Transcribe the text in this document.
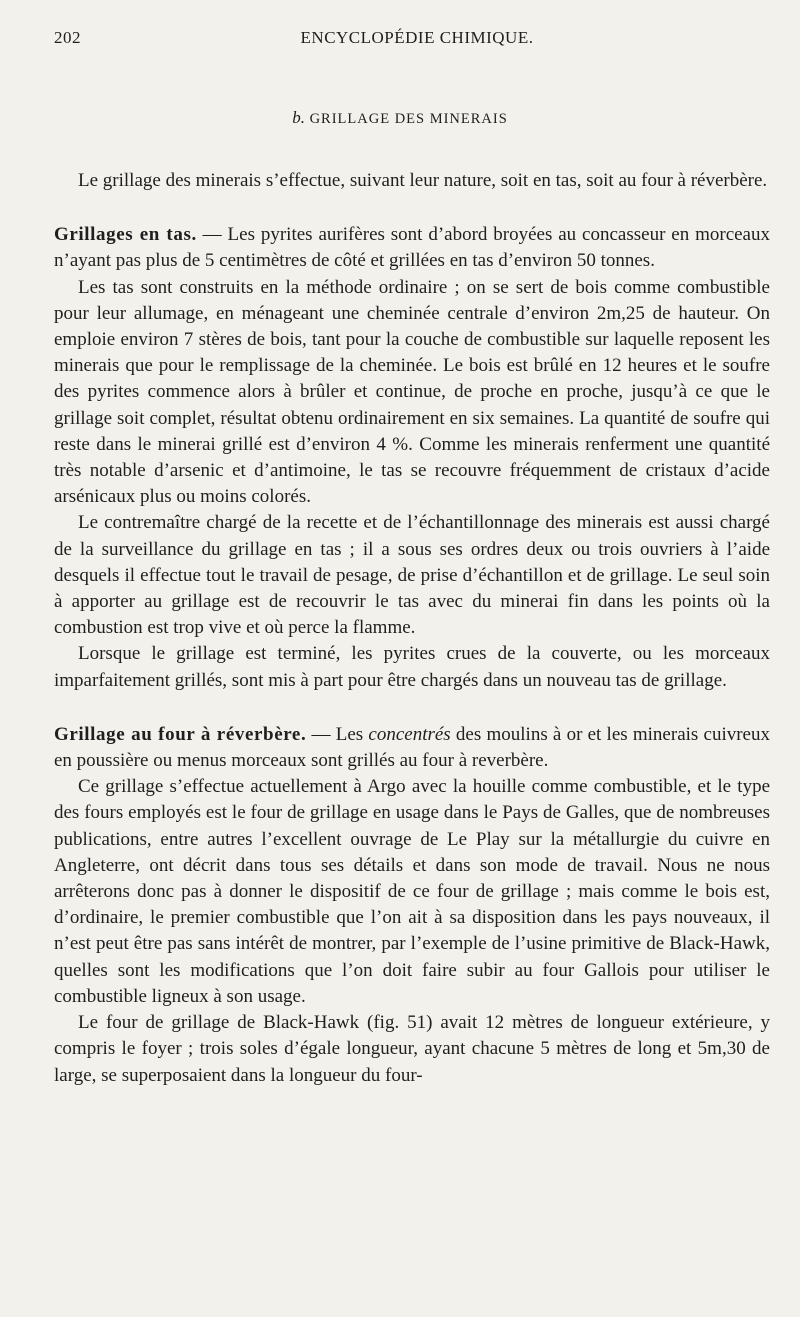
202	ENCYCLOPÉDIE CHIMIQUE.
b. GRILLAGE DES MINERAIS

Le grillage des minerais s’effectue, suivant leur nature, soit en tas, soit au four à réverbère.

Grillages en tas. — Les pyrites aurifères sont d’abord broyées au concasseur en morceaux n’ayant pas plus de 5 centimètres de côté et grillées en tas d’environ 50 tonnes.

Les tas sont construits en la méthode ordinaire ; on se sert de bois comme combustible pour leur allumage, en ménageant une cheminée centrale d’environ 2m,25 de hauteur. On emploie environ 7 stères de bois, tant pour la couche de combustible sur laquelle reposent les minerais que pour le remplissage de la cheminée. Le bois est brûlé en 12 heures et le soufre des pyrites commence alors à brûler et continue, de proche en proche, jusqu’à ce que le grillage soit complet, résultat obtenu ordinairement en six semaines. La quantité de soufre qui reste dans le minerai grillé est d’environ 4 %. Comme les minerais renferment une quantité très notable d’arsenic et d’antimoine, le tas se recouvre fréquemment de cristaux d’acide arsénicaux plus ou moins colorés.

Le contremaître chargé de la recette et de l’échantillonnage des minerais est aussi chargé de la surveillance du grillage en tas ; il a sous ses ordres deux ou trois ouvriers à l’aide desquels il effectue tout le travail de pesage, de prise d’échantillon et de grillage. Le seul soin à apporter au grillage est de recouvrir le tas avec du minerai fin dans les points où la combustion est trop vive et où perce la flamme.

Lorsque le grillage est terminé, les pyrites crues de la couverte, ou les morceaux imparfaitement grillés, sont mis à part pour être chargés dans un nouveau tas de grillage.

Grillage au four à réverbère. — Les concentrés des moulins à or et les minerais cuivreux en poussière ou menus morceaux sont grillés au four à reverbère.

Ce grillage s’effectue actuellement à Argo avec la houille comme combustible, et le type des fours employés est le four de grillage en usage dans le Pays de Galles, que de nombreuses publications, entre autres l’excellent ouvrage de Le Play sur la métallurgie du cuivre en Angleterre, ont décrit dans tous ses détails et dans son mode de travail. Nous ne nous arrêterons donc pas à donner le dispositif de ce four de grillage ; mais comme le bois est, d’ordinaire, le premier combustible que l’on ait à sa disposition dans les pays nouveaux, il n’est peut être pas sans intérêt de montrer, par l’exemple de l’usine primitive de Black-Hawk, quelles sont les modifications que l’on doit faire subir au four Gallois pour utiliser le combustible ligneux à son usage.

Le four de grillage de Black-Hawk (fig. 51) avait 12 mètres de longueur extérieure, y compris le foyer ; trois soles d’égale longueur, ayant chacune 5 mètres de long et 5m,30 de large, se superposaient dans la longueur du four-
